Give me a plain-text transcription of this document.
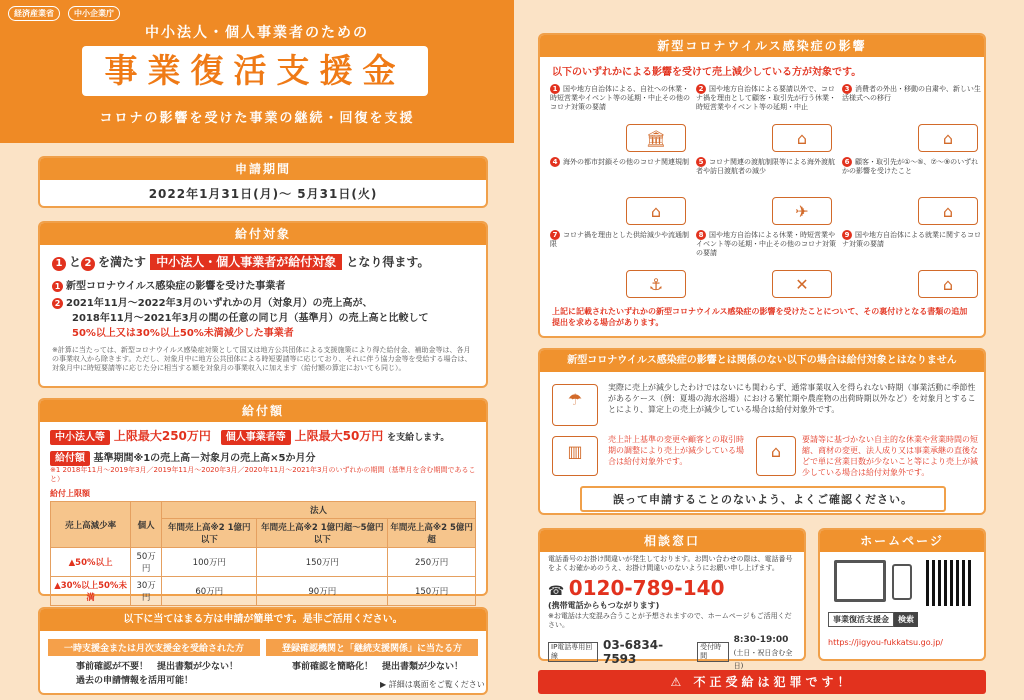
経済産業省	中小企業庁
中小法人・個人事業者のための
事業復活支援金
コロナの影響を受けた事業の継続・回復を支援
申請期間
2022年1月31日(月)～ 5月31日(火)
給付対象
1 と 2 を満たす 中小法人・個人事業者が給付対象 となり得ます。
1 新型コロナウイルス感染症の影響を受けた事業者
2 2021年11月～2022年3月のいずれかの月（対象月）の売上高が、
2018年11月～2021年3月の間の任意の同じ月（基準月）の売上高と比較して
50%以上又は30%以上50%未満減少した事業者
※計算に当たっては、新型コロナウイルス感染症対策として国又は地方公共団体による支援施策により得た給付金、補助金等は、各月の事業収入から除きます。ただし、対象月中に地方公共団体による時短要請等に応じており、それに伴う協力金等を受給する場合は、対象月中に時短要請等に応じた分に相当する額を対象月の事業収入に加えます（給付額の算定においても同じ）。
給付額
中小法人等 上限最大250万円 個人事業者等 上限最大50万円 を支給します。
給付額 基準期間※1の売上高－対象月の売上高×5か月分
※1 2018年11月～2019年3月／2019年11月～2020年3月／2020年11月～2021年3月のいずれかの期間（基準月を含む期間であること）
給付上限額
売上高減少率	個人	法人		
		年間売上高※2 1億円以下	年間売上高※2 1億円超～5億円以下	年間売上高※2 5億円超
▲50%以上	50万円	100万円	150万円	250万円
▲30%以上50%未満	30万円	60万円	90万円	150万円
以下に当てはまる方は申請が簡単です。是非ご活用ください。
一時支援金または月次支援金を受給された方
事前確認が不要！　提出書類が少ない！
過去の申請情報を活用可能！
登録確認機関と「継続支援関係」に当たる方
事前確認を簡略化！　提出書類が少ない！
▶ 詳細は裏面をご覧ください
新型コロナウイルス感染症の影響
以下のいずれかによる影響を受けて売上減少している方が対象です。
1 国や地方自治体による、自社への休業・時短営業やイベント等の延期・中止その他のコロナ対策の要請
🏛
2 国や地方自治体による要請以外で、コロナ禍を理由として顧客・取引先が行う休業・時短営業やイベント等の延期・中止
⌂
3 消費者の外出・移動の自粛や、新しい生活様式への移行
⌂
4 海外の都市封鎖その他のコロナ関連規制
⌂
5 コロナ関連の渡航制限等による海外渡航者や訪日渡航者の減少
✈
6 顧客・取引先が①～⑤、⑦～⑨のいずれかの影響を受けたこと
⌂
7 コロナ禍を理由とした供給減少や流通制限
⚓
8 国や地方自治体による休業・時短営業やイベント等の延期・中止その他のコロナ対策の要請
✕
9 国や地方自治体による就業に関するコロナ対策の要請
⌂
上記に記載されたいずれかの新型コロナウイルス感染症の影響を受けたことについて、その裏付けとなる書類の追加提出を求める場合があります。
新型コロナウイルス感染症の影響とは関係のない以下の場合は給付対象とはなりません
☂
実際に売上が減少したわけではないにも関わらず、通常事業収入を得られない時期（事業活動に季節性があるケース（例：夏場の海水浴場）における繁忙期や農産物の出荷時期以外など）を対象月とすることにより、算定上の売上が減少している場合は給付対象外です。
▥
売上計上基準の変更や顧客との取引時期の調整により売上が減少している場合は給付対象外です。
⌂
要請等に基づかない自主的な休業や営業時間の短縮、商材の変更、法人成り又は事業承継の直後などで単に営業日数が少ないこと等により売上が減少している場合は給付対象外です。
誤って申請することのないよう、よくご確認ください。
相談窓口
電話番号のお掛け間違いが発生しております。お問い合わせの際は、電話番号をよくお確かめのうえ、お掛け間違いのないようにお願い申し上げます。
☎ 0120-789-140
(携帯電話からもつながります)
※お電話は大変混み合うことが予想されますので、ホームページもご活用ください。
IP電話専用回線
03-6834-7593
受付時間
8:30-19:00
(土日・祝日含む全日)
ホームページ
事業復活支援金	検索
https://jigyou-fukkatsu.go.jp/
⚠ 不正受給は犯罪です！
